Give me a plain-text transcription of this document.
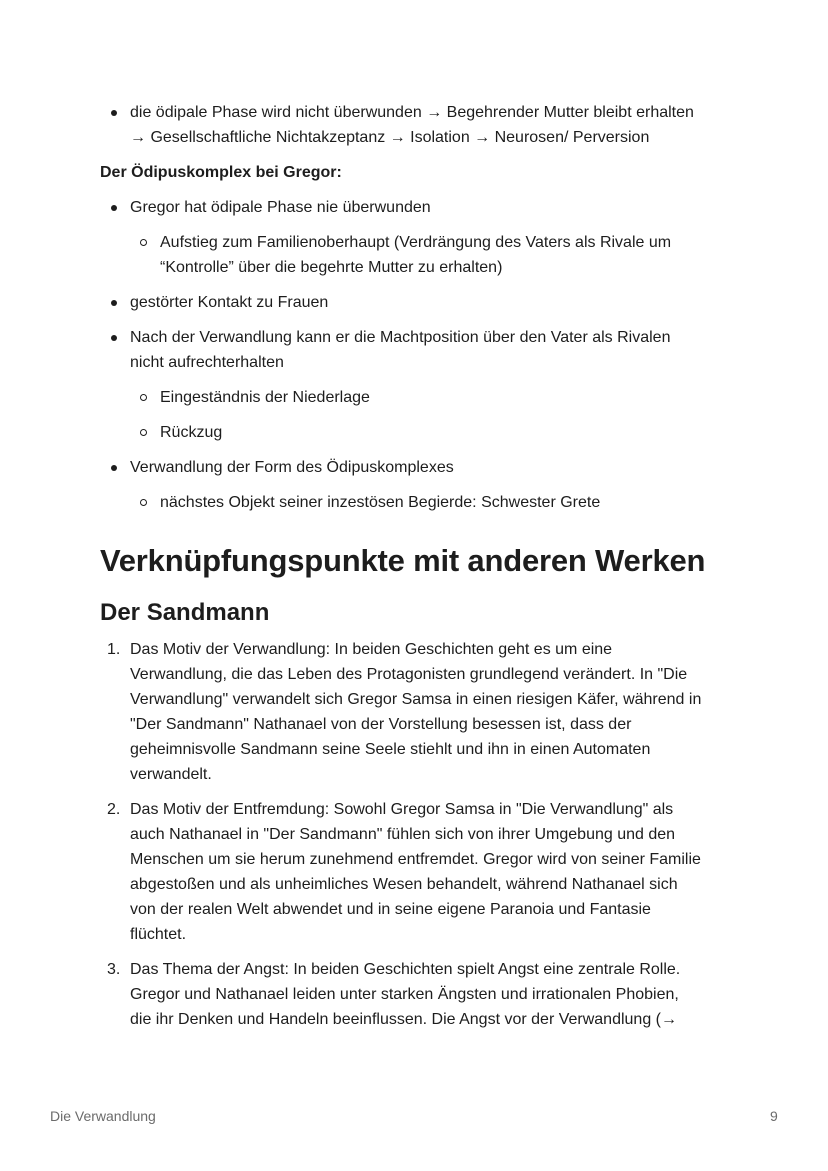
die ödipale Phase wird nicht überwunden → Begehrender Mutter bleibt erhalten

→ Gesellschaftliche Nichtakzeptanz → Isolation → Neurosen/ Perversion

Der Ödipuskomplex bei Gregor:

Gregor hat ödipale Phase nie überwunden

Aufstieg zum Familienoberhaupt (Verdrängung des Vaters als Rivale um

“Kontrolle” über die begehrte Mutter zu erhalten)

gestörter Kontakt zu Frauen

Nach der Verwandlung kann er die Machtposition über den Vater als Rivalen

nicht aufrechterhalten

Eingeständnis der Niederlage

Rückzug

Verwandlung der Form des Ödipuskomplexes

nächstes Objekt seiner inzestösen Begierde: Schwester Grete

Verknüpfungspunkte mit anderen Werken
Der Sandmann
1. Das Motiv der Verwandlung: In beiden Geschichten geht es um eine

Verwandlung, die das Leben des Protagonisten grundlegend verändert. In "Die

Verwandlung" verwandelt sich Gregor Samsa in einen riesigen Käfer, während in

"Der Sandmann" Nathanael von der Vorstellung besessen ist, dass der

geheimnisvolle Sandmann seine Seele stiehlt und ihn in einen Automaten

verwandelt.

2. Das Motiv der Entfremdung: Sowohl Gregor Samsa in "Die Verwandlung" als

auch Nathanael in "Der Sandmann" fühlen sich von ihrer Umgebung und den

Menschen um sie herum zunehmend entfremdet. Gregor wird von seiner Familie

abgestoßen und als unheimliches Wesen behandelt, während Nathanael sich

von der realen Welt abwendet und in seine eigene Paranoia und Fantasie

flüchtet.

3. Das Thema der Angst: In beiden Geschichten spielt Angst eine zentrale Rolle.

Gregor und Nathanael leiden unter starken Ängsten und irrationalen Phobien,

die ihr Denken und Handeln beeinflussen. Die Angst vor der Verwandlung (→

Die Verwandlung	9
